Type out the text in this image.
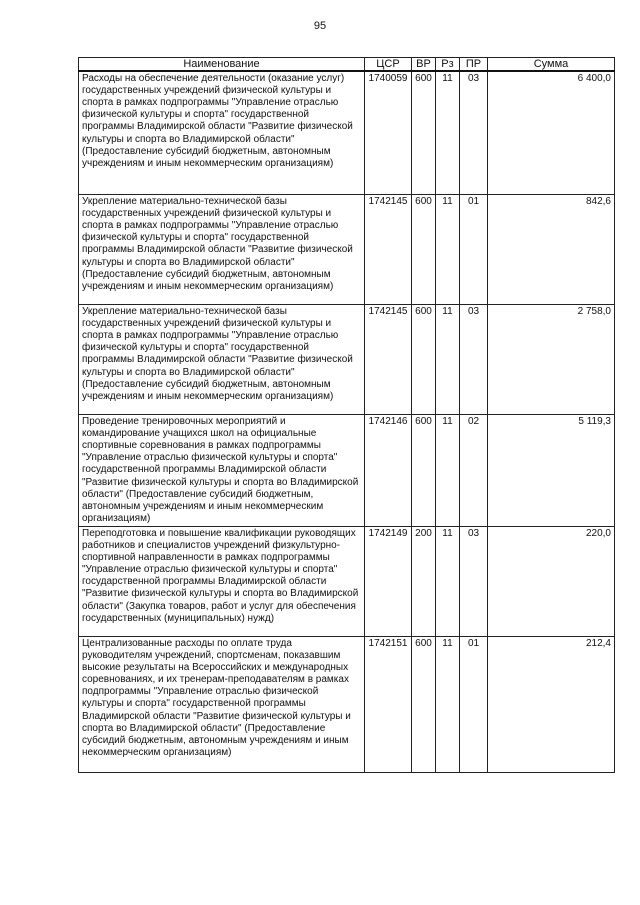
95
Наименование	ЦСР	ВР	Рз	ПР	Сумма
Расходы на обеспечение деятельности (оказание услуг) государственных учреждений физической культуры и спорта в рамках подпрограммы "Управление отраслью физической культуры и спорта" государственной программы Владимирской области "Развитие физической культуры и спорта во Владимирской области" (Предоставление субсидий бюджетным, автономным учреждениям и иным некоммерческим организациям)	1740059	600	11	03	6 400,0
Укрепление материально-технической базы государственных учреждений физической культуры и спорта в рамках подпрограммы "Управление отраслью физической культуры и спорта" государственной программы Владимирской области "Развитие физической культуры и спорта во Владимирской области" (Предоставление субсидий бюджетным, автономным учреждениям и иным некоммерческим организациям)	1742145	600	11	01	842,6
Укрепление материально-технической базы государственных учреждений физической культуры и спорта в рамках подпрограммы "Управление отраслью физической культуры и спорта" государственной программы Владимирской области "Развитие физической культуры и спорта во Владимирской области" (Предоставление субсидий бюджетным, автономным учреждениям и иным некоммерческим организациям)	1742145	600	11	03	2 758,0
Проведение тренировочных мероприятий и командирование учащихся школ на официальные спортивные соревнования в рамках подпрограммы "Управление отраслью физической культуры и спорта" государственной программы Владимирской области "Развитие физической культуры и спорта во Владимирской области" (Предоставление субсидий бюджетным, автономным учреждениям и иным некоммерческим организациям)	1742146	600	11	02	5 119,3
Переподготовка и повышение квалификации руководящих работников и специалистов учреждений физкультурно-спортивной направленности в рамках подпрограммы "Управление отраслью физической культуры и спорта" государственной программы Владимирской области "Развитие физической культуры и спорта во Владимирской области" (Закупка товаров, работ и услуг для обеспечения государственных (муниципальных) нужд)	1742149	200	11	03	220,0
Централизованные расходы по оплате труда руководителям учреждений, спортсменам, показавшим высокие результаты на Всероссийских и международных соревнованиях, и их тренерам-преподавателям в рамках подпрограммы "Управление отраслью физической культуры и спорта" государственной программы Владимирской области "Развитие физической культуры и спорта во Владимирской области" (Предоставление субсидий бюджетным, автономным учреждениям и иным некоммерческим организациям)	1742151	600	11	01	212,4
